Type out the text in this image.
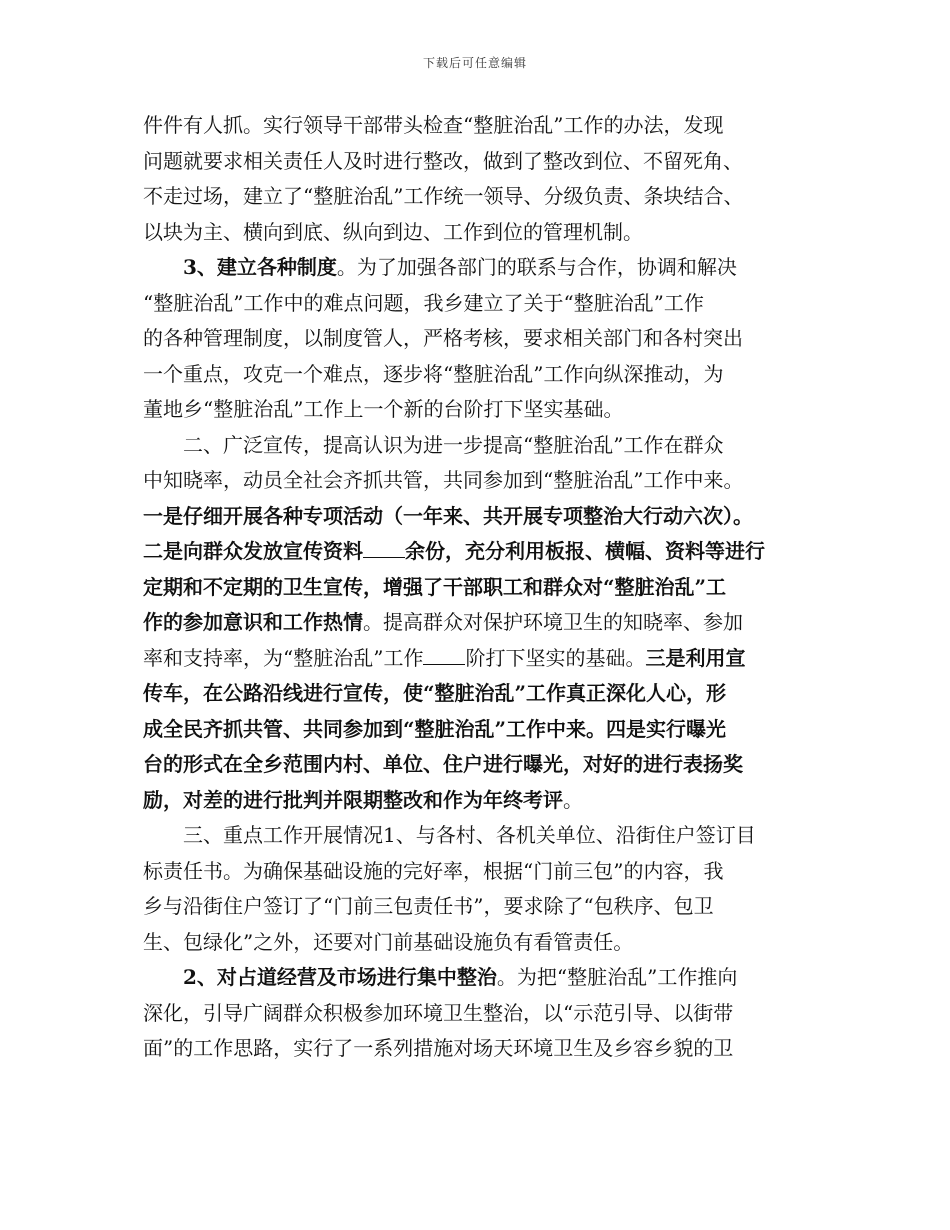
下载后可任意编辑
件件有人抓。实行领导干部带头检查“整脏治乱”工作的办法，发现
问题就要求相关责任人及时进行整改，做到了整改到位、不留死角、
不走过场，建立了“整脏治乱”工作统一领导、分级负责、条块结合、
以块为主、横向到底、纵向到边、工作到位的管理机制。
3、建立各种制度。为了加强各部门的联系与合作，协调和解决
“整脏治乱”工作中的难点问题，我乡建立了关于“整脏治乱”工作
的各种管理制度，以制度管人，严格考核，要求相关部门和各村突出
一个重点，攻克一个难点，逐步将“整脏治乱”工作向纵深推动，为
董地乡“整脏治乱”工作上一个新的台阶打下坚实基础。
二、广泛宣传，提高认识为进一步提高“整脏治乱”工作在群众
中知晓率，动员全社会齐抓共管，共同参加到“整脏治乱”工作中来。
一是仔细开展各种专项活动（一年来、共开展专项整治大行动六次）。
二是向群众发放宣传资料 余份，充分利用板报、横幅、资料等进行
定期和不定期的卫生宣传，增强了干部职工和群众对“整脏治乱”工
作的参加意识和工作热情。提高群众对保护环境卫生的知晓率、参加
率和支持率，为“整脏治乱”工作 阶打下坚实的基础。三是利用宣
传车，在公路沿线进行宣传，使“整脏治乱”工作真正深化人心，形
成全民齐抓共管、共同参加到“整脏治乱”工作中来。四是实行曝光
台的形式在全乡范围内村、单位、住户进行曝光，对好的进行表扬奖
励，对差的进行批判并限期整改和作为年终考评。
三、重点工作开展情况1、与各村、各机关单位、沿街住户签订目
标责任书。为确保基础设施的完好率，根据“门前三包”的内容，我
乡与沿街住户签订了“门前三包责任书”，要求除了“包秩序、包卫
生、包绿化”之外，还要对门前基础设施负有看管责任。
2、对占道经营及市场进行集中整治。为把“整脏治乱”工作推向
深化，引导广阔群众积极参加环境卫生整治，以“示范引导、以街带
面”的工作思路，实行了一系列措施对场天环境卫生及乡容乡貌的卫
